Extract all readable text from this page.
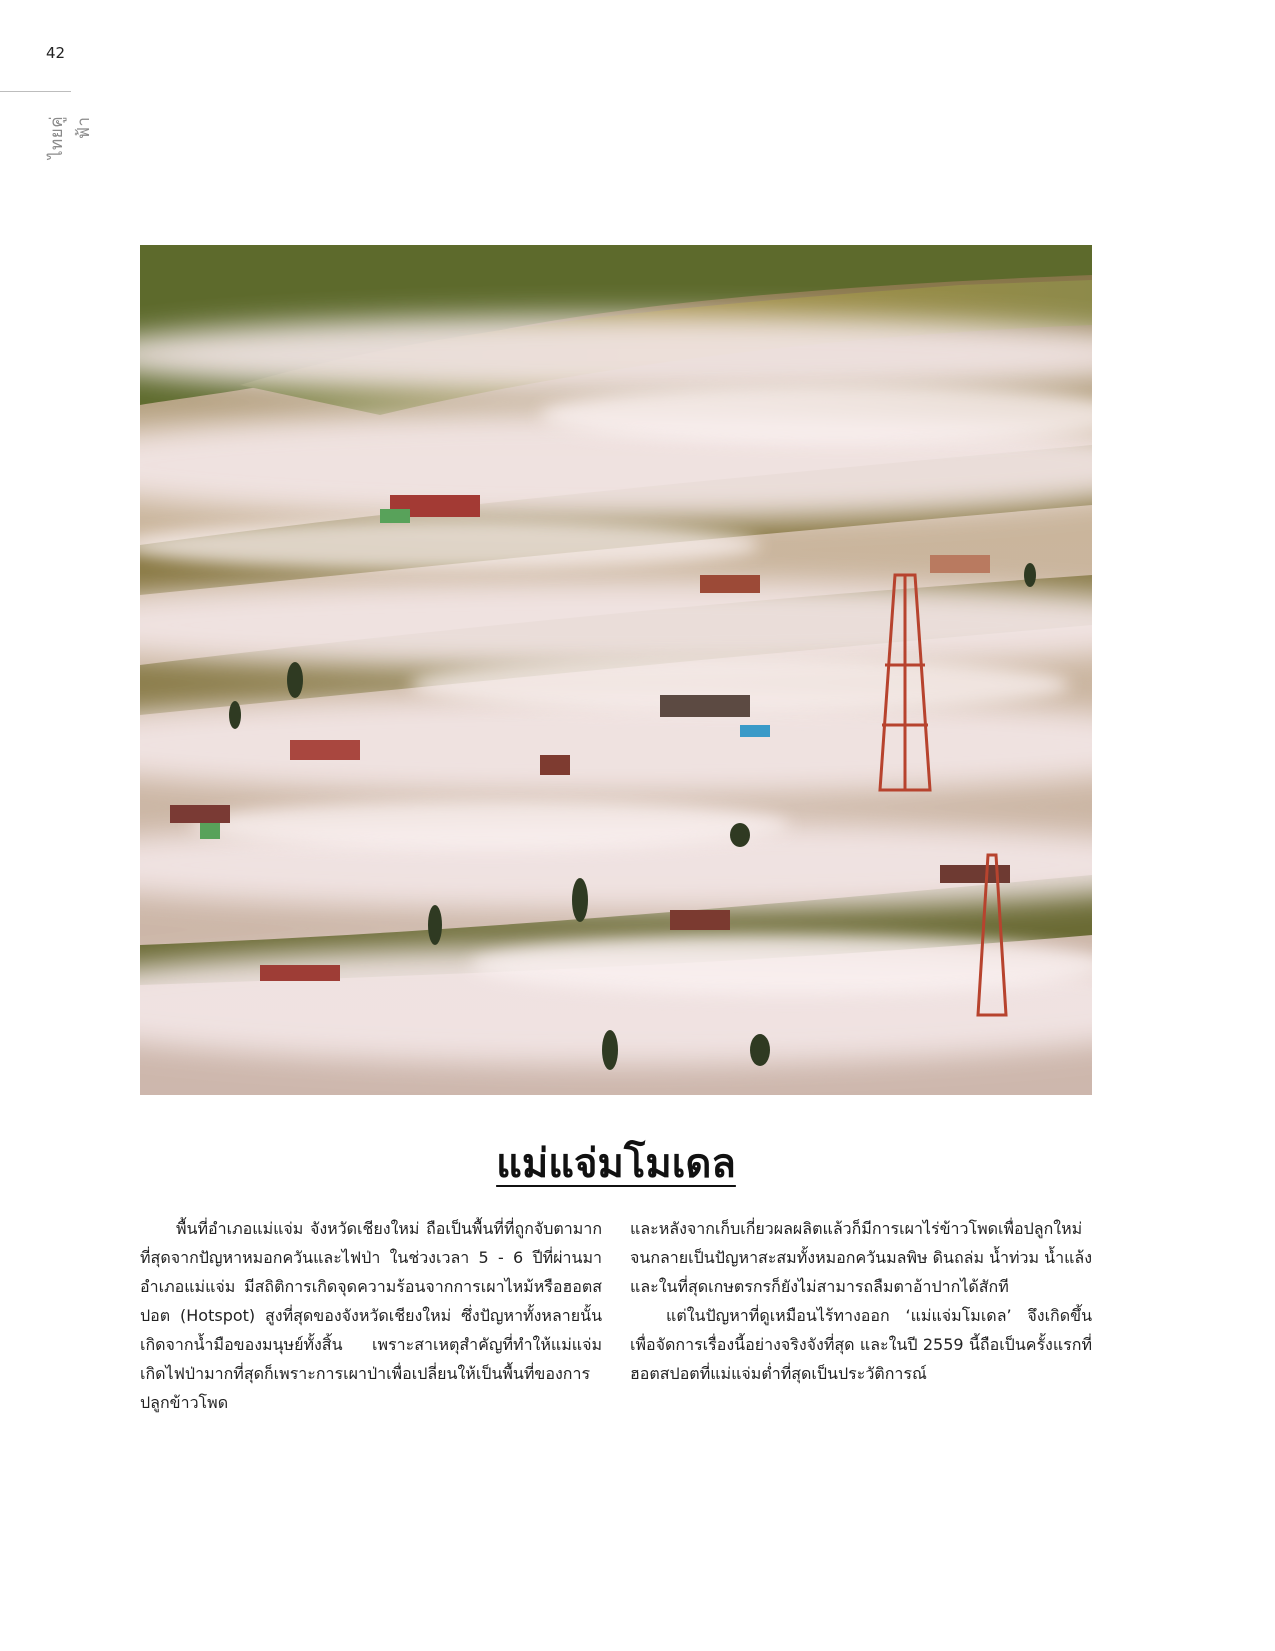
42
ไทยคู่ฟ้า
แม่แจ่มโมเดล

พื้นที่อำเภอแม่แจ่ม จังหวัดเชียงใหม่ ถือเป็นพื้นที่ที่ถูกจับตามากที่สุดจากปัญหาหมอกควันและไฟป่า ในช่วงเวลา 5 - 6 ปีที่ผ่านมา อำเภอแม่แจ่ม มีสถิติการเกิดจุดความร้อนจากการเผาไหม้หรือฮอตสปอต (Hotspot) สูงที่สุดของจังหวัดเชียงใหม่ ซึ่งปัญหาทั้งหลายนั้นเกิดจากน้ำมือของมนุษย์ทั้งสิ้น เพราะสาเหตุสำคัญที่ทำให้แม่แจ่มเกิดไฟป่ามากที่สุดก็เพราะการเผาป่าเพื่อเปลี่ยนให้เป็นพื้นที่ของการปลูกข้าวโพด

และหลังจากเก็บเกี่ยวผลผลิตแล้วก็มีการเผาไร่ข้าวโพดเพื่อปลูกใหม่ จนกลายเป็นปัญหาสะสมทั้งหมอกควันมลพิษ ดินถล่ม น้ำท่วม น้ำแล้ง และในที่สุดเกษตรกรก็ยังไม่สามารถลืมตาอ้าปากได้สักที

แต่ในปัญหาที่ดูเหมือนไร้ทางออก ‘แม่แจ่มโมเดล’ จึงเกิดขึ้นเพื่อจัดการเรื่องนี้อย่างจริงจังที่สุด และในปี 2559 นี้ถือเป็นครั้งแรกที่ฮอตสปอตที่แม่แจ่มต่ำที่สุดเป็นประวัติการณ์
